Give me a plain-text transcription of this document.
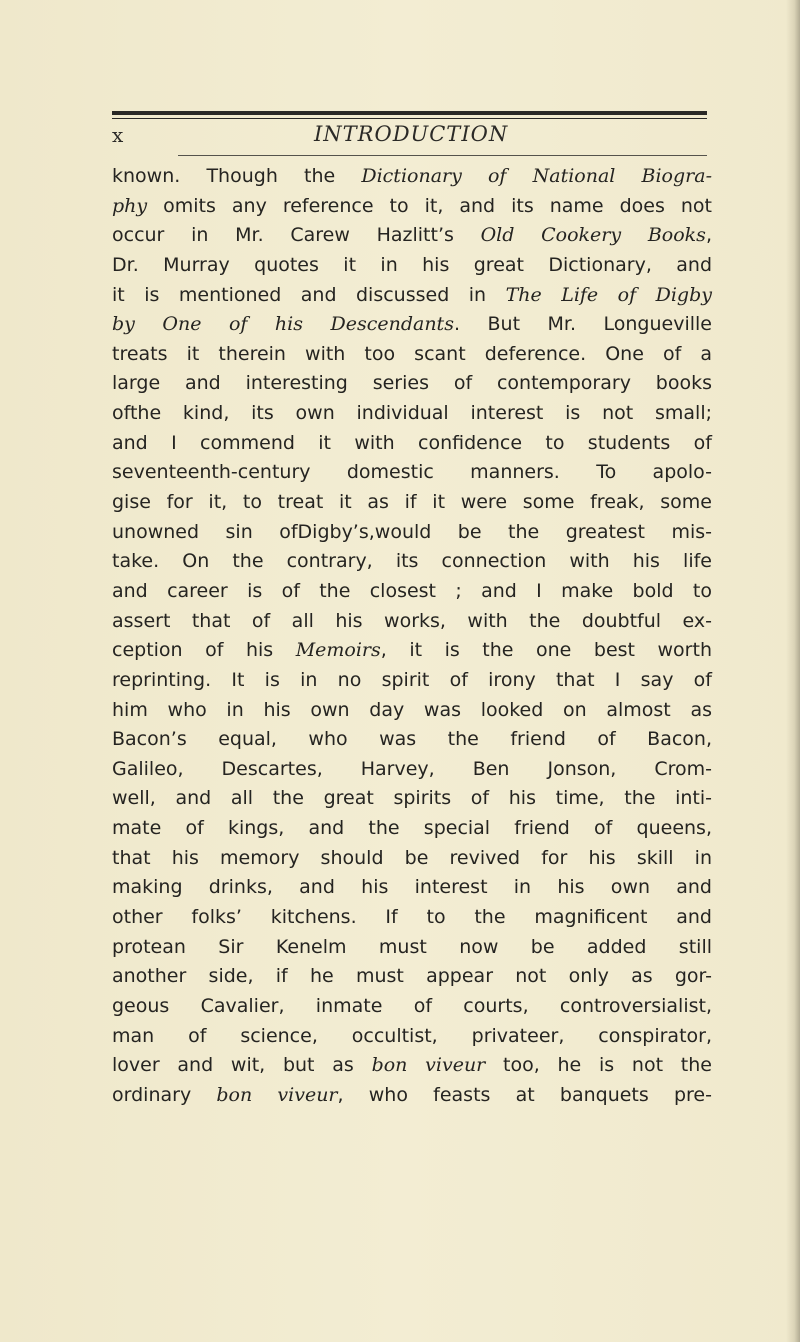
x	INTRODUCTION
known. Though the Dictionary of National Biogra-
phy omits any reference to it, and its name does not
occur in Mr. Carew Hazlitt’s Old Cookery Books,
Dr. Murray quotes it in his great Dictionary, and
it is mentioned and discussed in The Life of Digby
by One of his Descendants. But Mr. Longueville
treats it therein with too scant deference. One of a
large and interesting series of contemporary books
ofthe kind, its own individual interest is not small;
and I commend it with confidence to students of
seventeenth-century domestic manners. To apolo-
gise for it, to treat it as if it were some freak, some
unowned sin ofDigby’s,would be the greatest mis-
take. On the contrary, its connection with his life
and career is of the closest ; and I make bold to
assert that of all his works, with the doubtful ex-
ception of his Memoirs, it is the one best worth
reprinting. It is in no spirit of irony that I say of
him who in his own day was looked on almost as
Bacon’s equal, who was the friend of Bacon,
Galileo, Descartes, Harvey, Ben Jonson, Crom-
well, and all the great spirits of his time, the inti-
mate of kings, and the special friend of queens,
that his memory should be revived for his skill in
making drinks, and his interest in his own and
other folks’ kitchens. If to the magnificent and
protean Sir Kenelm must now be added still
another side, if he must appear not only as gor-
geous Cavalier, inmate of courts, controversialist,
man of science, occultist, privateer, conspirator,
lover and wit, but as bon viveur too, he is not the
ordinary bon viveur, who feasts at banquets pre-
